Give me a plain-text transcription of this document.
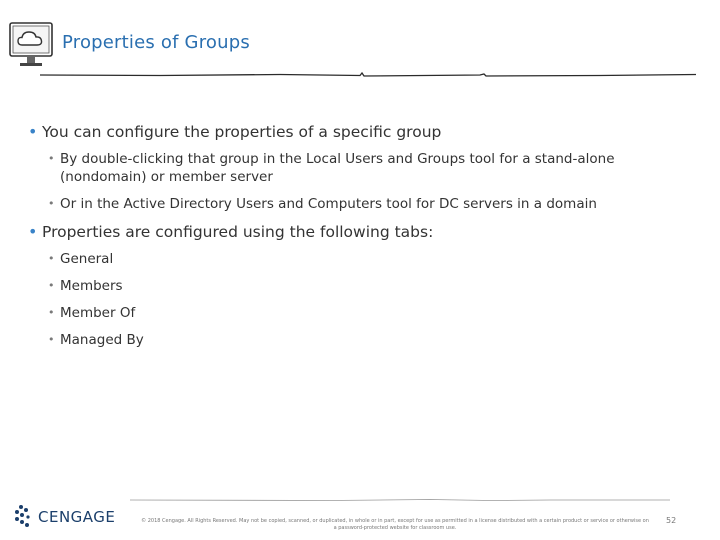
Properties of Groups
• You can configure the properties of a specific group
• By double-clicking that group in the Local Users and Groups tool for a stand-alone (nondomain) or member server
• Or in the Active Directory Users and Computers tool for DC servers in a domain
• Properties are configured using the following tabs:
• General
• Members
• Member Of
• Managed By
CENGAGE	© 2018 Cengage. All Rights Reserved. May not be copied, scanned, or duplicated, in whole or in part, except for use as permitted in a license distributed with a certain product or service or otherwise on a password-protected website for classroom use.
52
